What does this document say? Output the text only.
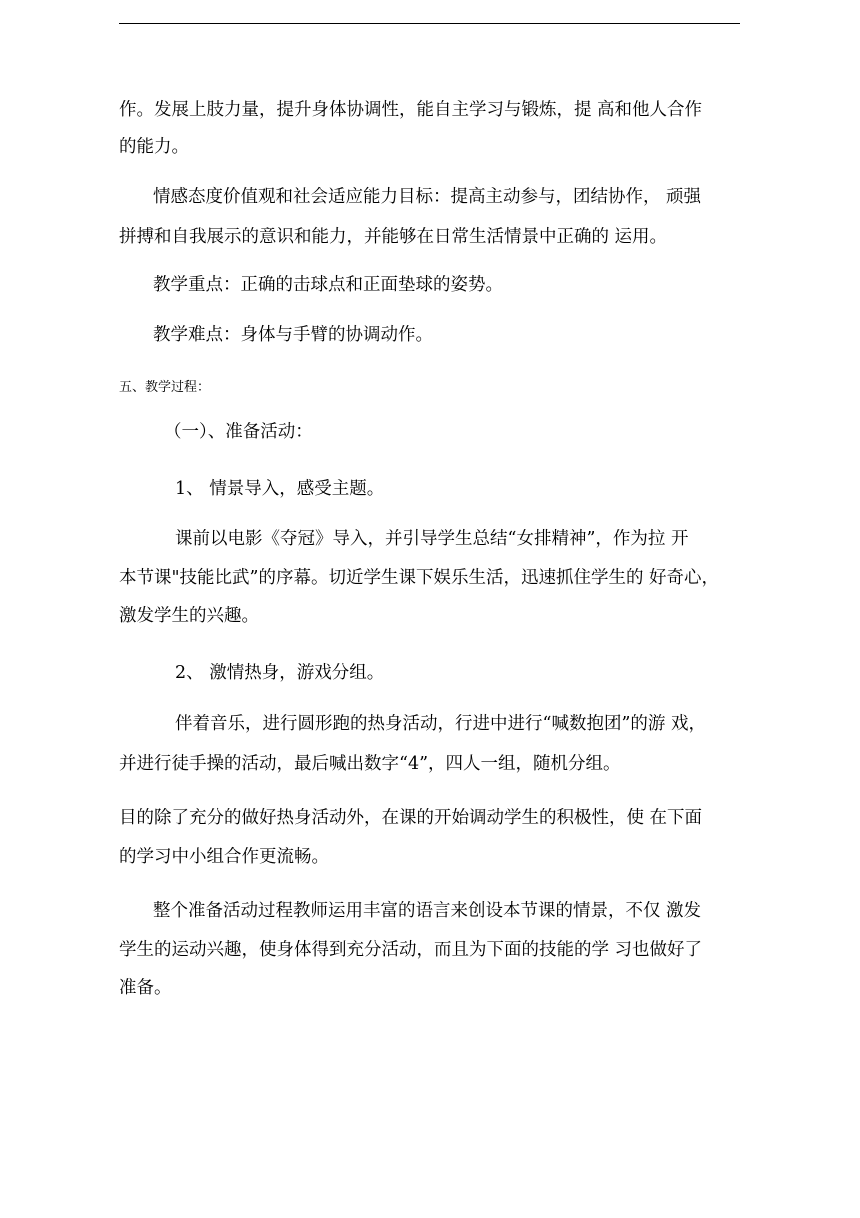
作。发展上肢力量，提升身体协调性，能自主学习与锻炼，提 高和他人合作

的能力。

情感态度价值观和社会适应能力目标：提高主动参与，团结协作， 顽强

拼搏和自我展示的意识和能力，并能够在日常生活情景中正确的 运用。

教学重点：正确的击球点和正面垫球的姿势。

教学难点：身体与手臂的协调动作。

五、教学过程：

（一）、准备活动：

1、 情景导入，感受主题。

课前以电影《夺冠》导入，并引导学生总结“女排精神”，作为拉 开

本节课"技能比武”的序幕。切近学生课下娱乐生活，迅速抓住学生的 好奇心，

激发学生的兴趣。

2、 激情热身，游戏分组。

伴着音乐，进行圆形跑的热身活动，行进中进行“喊数抱团”的游 戏，

并进行徒手操的活动，最后喊出数字“4”，四人一组，随机分组。

目的除了充分的做好热身活动外，在课的开始调动学生的积极性，使 在下面

的学习中小组合作更流畅。

整个准备活动过程教师运用丰富的语言来创设本节课的情景，不仅 激发

学生的运动兴趣，使身体得到充分活动，而且为下面的技能的学 习也做好了

准备。
